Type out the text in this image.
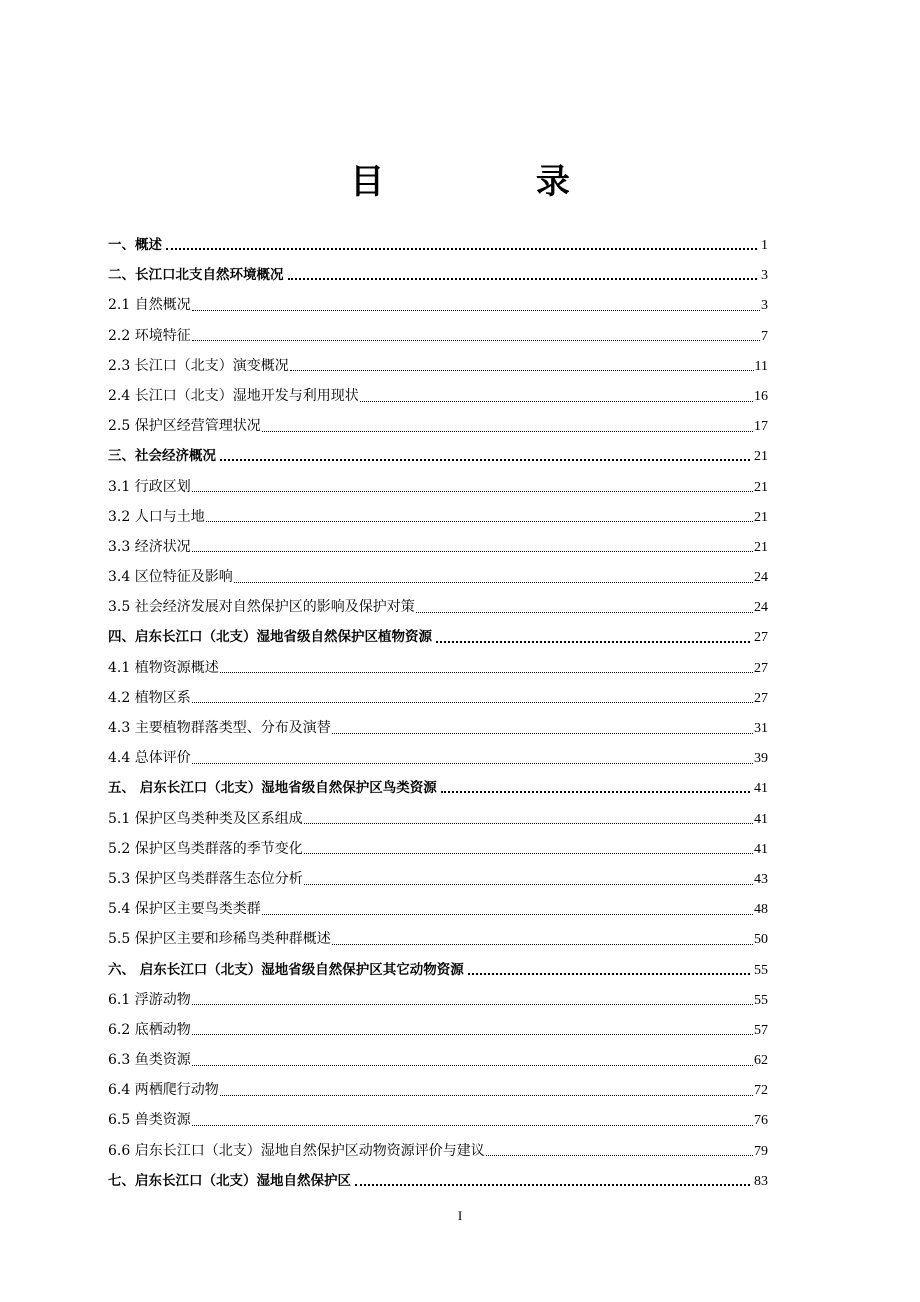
目	录
一、概述	1
二、长江口北支自然环境概况	3
2.1 自然概况	3
2.2 环境特征	7
2.3 长江口（北支）演变概况	11
2.4 长江口（北支）湿地开发与利用现状	16
2.5 保护区经营管理状况	17
三、社会经济概况	21
3.1 行政区划	21
3.2 人口与土地	21
3.3 经济状况	21
3.4 区位特征及影响	24
3.5 社会经济发展对自然保护区的影响及保护对策	24
四、启东长江口（北支）湿地省级自然保护区植物资源	27
4.1 植物资源概述	27
4.2 植物区系	27
4.3 主要植物群落类型、分布及演替	31
4.4 总体评价	39
五、 启东长江口（北支）湿地省级自然保护区鸟类资源	41
5.1 保护区鸟类种类及区系组成	41
5.2 保护区鸟类群落的季节变化	41
5.3 保护区鸟类群落生态位分析	43
5.4 保护区主要鸟类类群	48
5.5 保护区主要和珍稀鸟类种群概述	50
六、 启东长江口（北支）湿地省级自然保护区其它动物资源	55
6.1 浮游动物	55
6.2 底栖动物	57
6.3 鱼类资源	62
6.4 两栖爬行动物	72
6.5 兽类资源	76
6.6 启东长江口（北支）湿地自然保护区动物资源评价与建议	79
七、启东长江口（北支）湿地自然保护区	83
I
